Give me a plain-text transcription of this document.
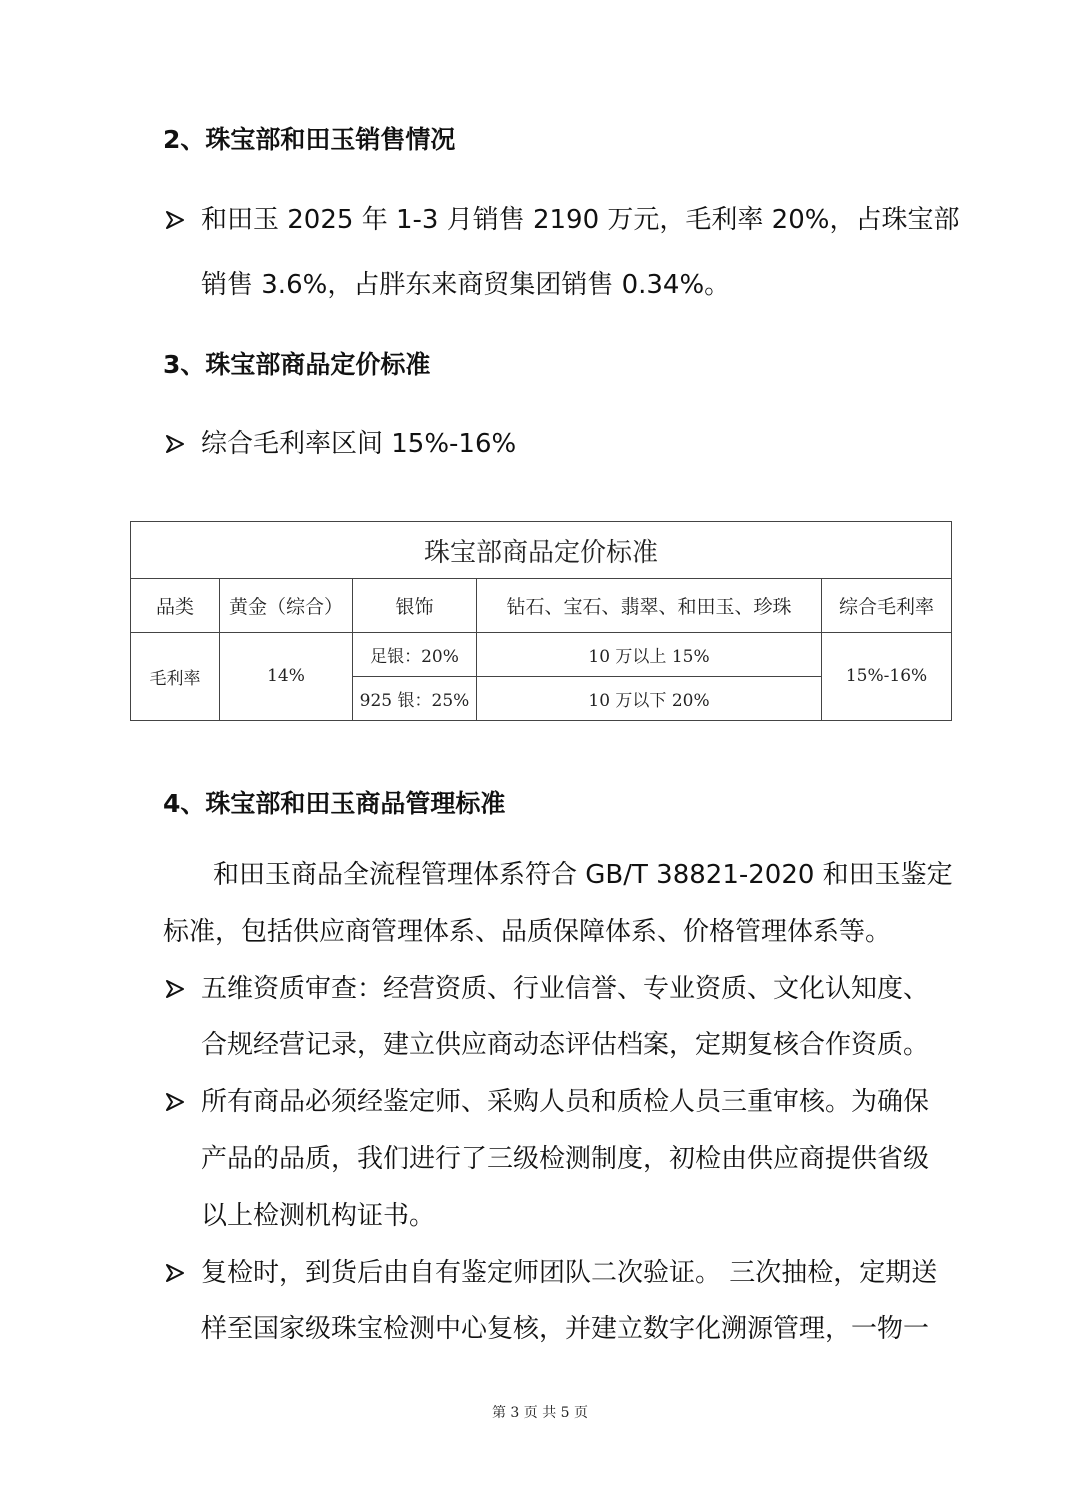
2、珠宝部和田玉销售情况
和田玉 2025 年 1-3 月销售 2190 万元，毛利率 20%，占珠宝部
销售 3.6%，占胖东来商贸集团销售 0.34%。
3、珠宝部商品定价标准
综合毛利率区间 15%-16%
珠宝部商品定价标准				
品类	黄金（综合）	银饰	钻石、宝石、翡翠、和田玉、珍珠	综合毛利率
毛利率	14%	足银：20%	10 万以上 15%	15%-16%
		925 银：25%	10 万以下 20%	
4、珠宝部和田玉商品管理标准
和田玉商品全流程管理体系符合 GB/T 38821-2020 和田玉鉴定
标准，包括供应商管理体系、品质保障体系、价格管理体系等。
五维资质审查：经营资质、行业信誉、专业资质、文化认知度、
合规经营记录，建立供应商动态评估档案，定期复核合作资质。
所有商品必须经鉴定师、采购人员和质检人员三重审核。为确保
产品的品质，我们进行了三级检测制度，初检由供应商提供省级
以上检测机构证书。
复检时，到货后由自有鉴定师团队二次验证。 三次抽检，定期送
样至国家级珠宝检测中心复核，并建立数字化溯源管理，一物一
第 3 页 共 5 页
